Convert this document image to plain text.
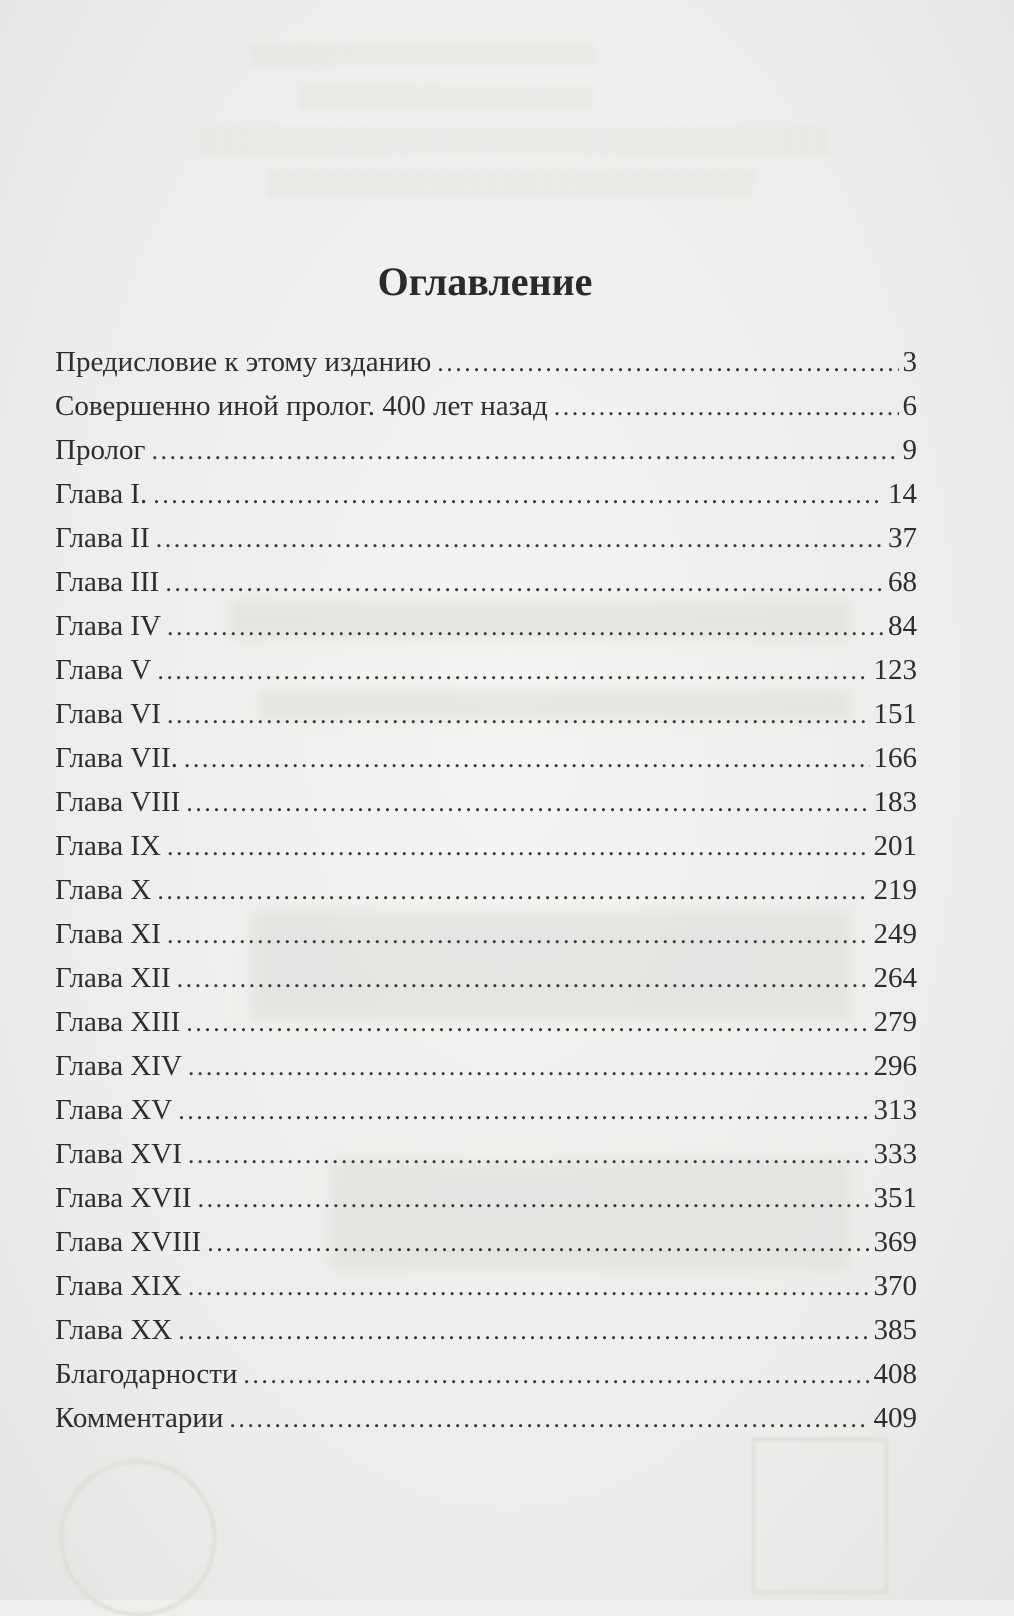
░░░░░░░░░░░░░░░░░░░░░░░░░░░
░░░░░░░░░░░░░░░░░░░░░░░
░░░░░░░░░░░░░░░░░░░░░░░░░░░░░░░░░░░
░░░░░░░░░░░░░░░░░░░░░░░░░░░
Оглавление
Предисловие к этому изданию . . .	3
Совершенно иной пролог. 400 лет назад . . .	6
Пролог . . .	9
Глава I. . . .	14
Глава II . . .	37
Глава III . . .	68
Глава IV . . .	84
Глава V . . .	123
Глава VI . . .	151
Глава VII. . . .	166
Глава VIII . . .	183
Глава IX . . .	201
Глава X . . .	219
Глава XI . . .	249
Глава XII . . .	264
Глава XIII . . .	279
Глава XIV . . .	296
Глава XV . . .	313
Глава XVI . . .	333
Глава XVII . . .	351
Глава XVIII . . .	369
Глава XIX . . .	370
Глава XX . . .	385
Благодарности . . .	408
Комментарии . . .	409
